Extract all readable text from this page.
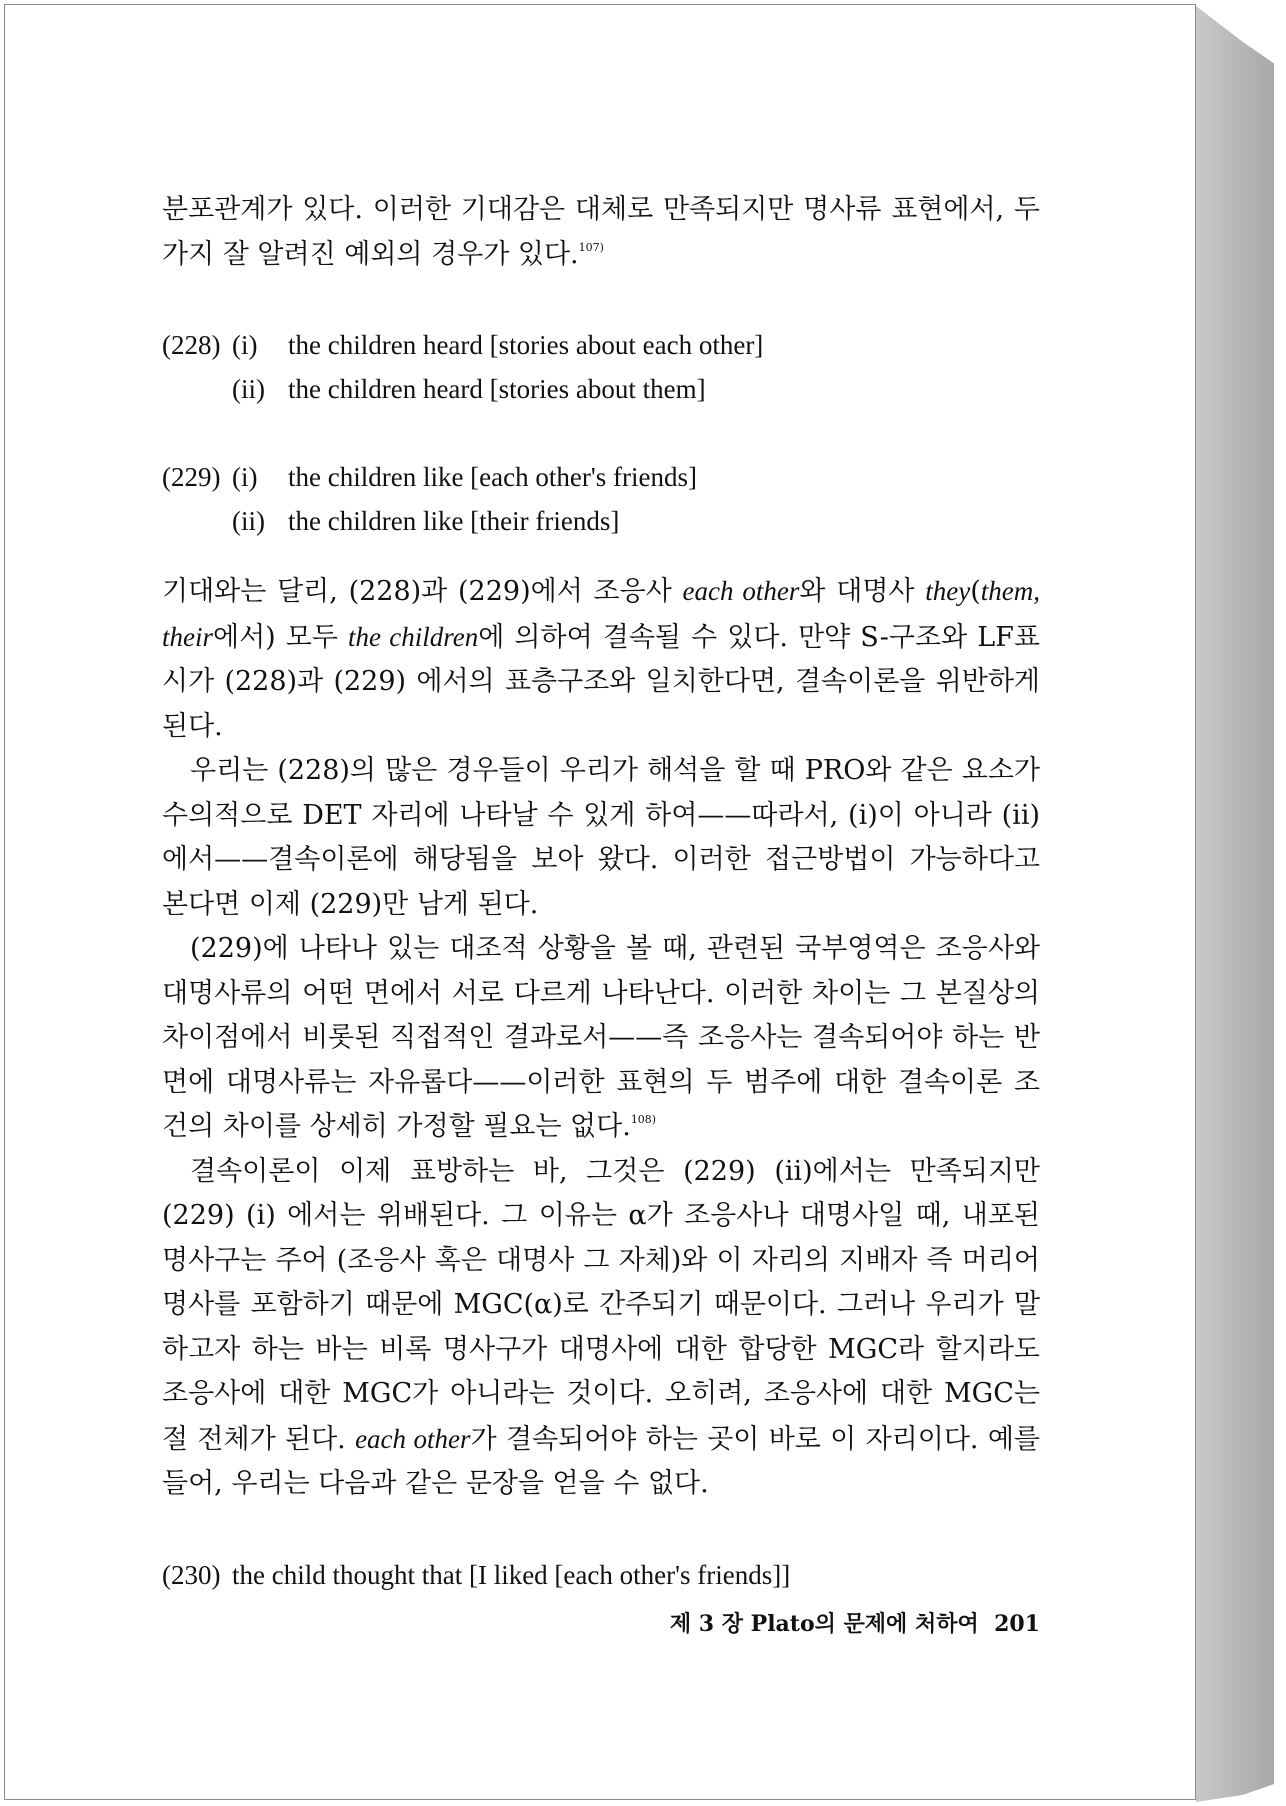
분포관계가 있다. 이러한 기대감은 대체로 만족되지만 명사류 표현에서, 두 가지 잘 알려진 예외의 경우가 있다.$^{107)}$

(228) (i)	the children heard [stories about each other]
(ii) the children heard [stories about them]
(229) (i)	the children like [each other's friends]
(ii) the children like [their friends]

기대와는 달리, (228)과 (229)에서 조응사 each other와 대명사 they(them, their에서) 모두 the children에 의하여 결속될 수 있다. 만약 S-구조와 LF표시가 (228)과 (229) 에서의 표층구조와 일치한다면, 결속이론을 위반하게 된다.

우리는 (228)의 많은 경우들이 우리가 해석을 할 때 PRO와 같은 요소가 수의적으로 DET 자리에 나타날 수 있게 하여——따라서, (i)이 아니라 (ii)에서——결속이론에 해당됨을 보아 왔다. 이러한 접근방법이 가능하다고 본다면 이제 (229)만 남게 된다.

(229)에 나타나 있는 대조적 상황을 볼 때, 관련된 국부영역은 조응사와 대명사류의 어떤 면에서 서로 다르게 나타난다. 이러한 차이는 그 본질상의 차이점에서 비롯된 직접적인 결과로서——즉 조응사는 결속되어야 하는 반면에 대명사류는 자유롭다——이러한 표현의 두 범주에 대한 결속이론 조건의 차이를 상세히 가정할 필요는 없다.$^{108)}$

결속이론이 이제 표방하는 바, 그것은 (229) (ii)에서는 만족되지만 (229) (i) 에서는 위배된다. 그 이유는 α가 조응사나 대명사일 때, 내포된 명사구는 주어 (조응사 혹은 대명사 그 자체)와 이 자리의 지배자 즉 머리어 명사를 포함하기 때문에 MGC(α)로 간주되기 때문이다. 그러나 우리가 말하고자 하는 바는 비록 명사구가 대명사에 대한 합당한 MGC라 할지라도 조응사에 대한 MGC가 아니라는 것이다. 오히려, 조응사에 대한 MGC는 절 전체가 된다. each other가 결속되어야 하는 곳이 바로 이 자리이다. 예를 들어, 우리는 다음과 같은 문장을 얻을 수 없다.

(230) the child thought that [I liked [each other's friends]]
제 3 장 Plato의 문제에 처하여 201
